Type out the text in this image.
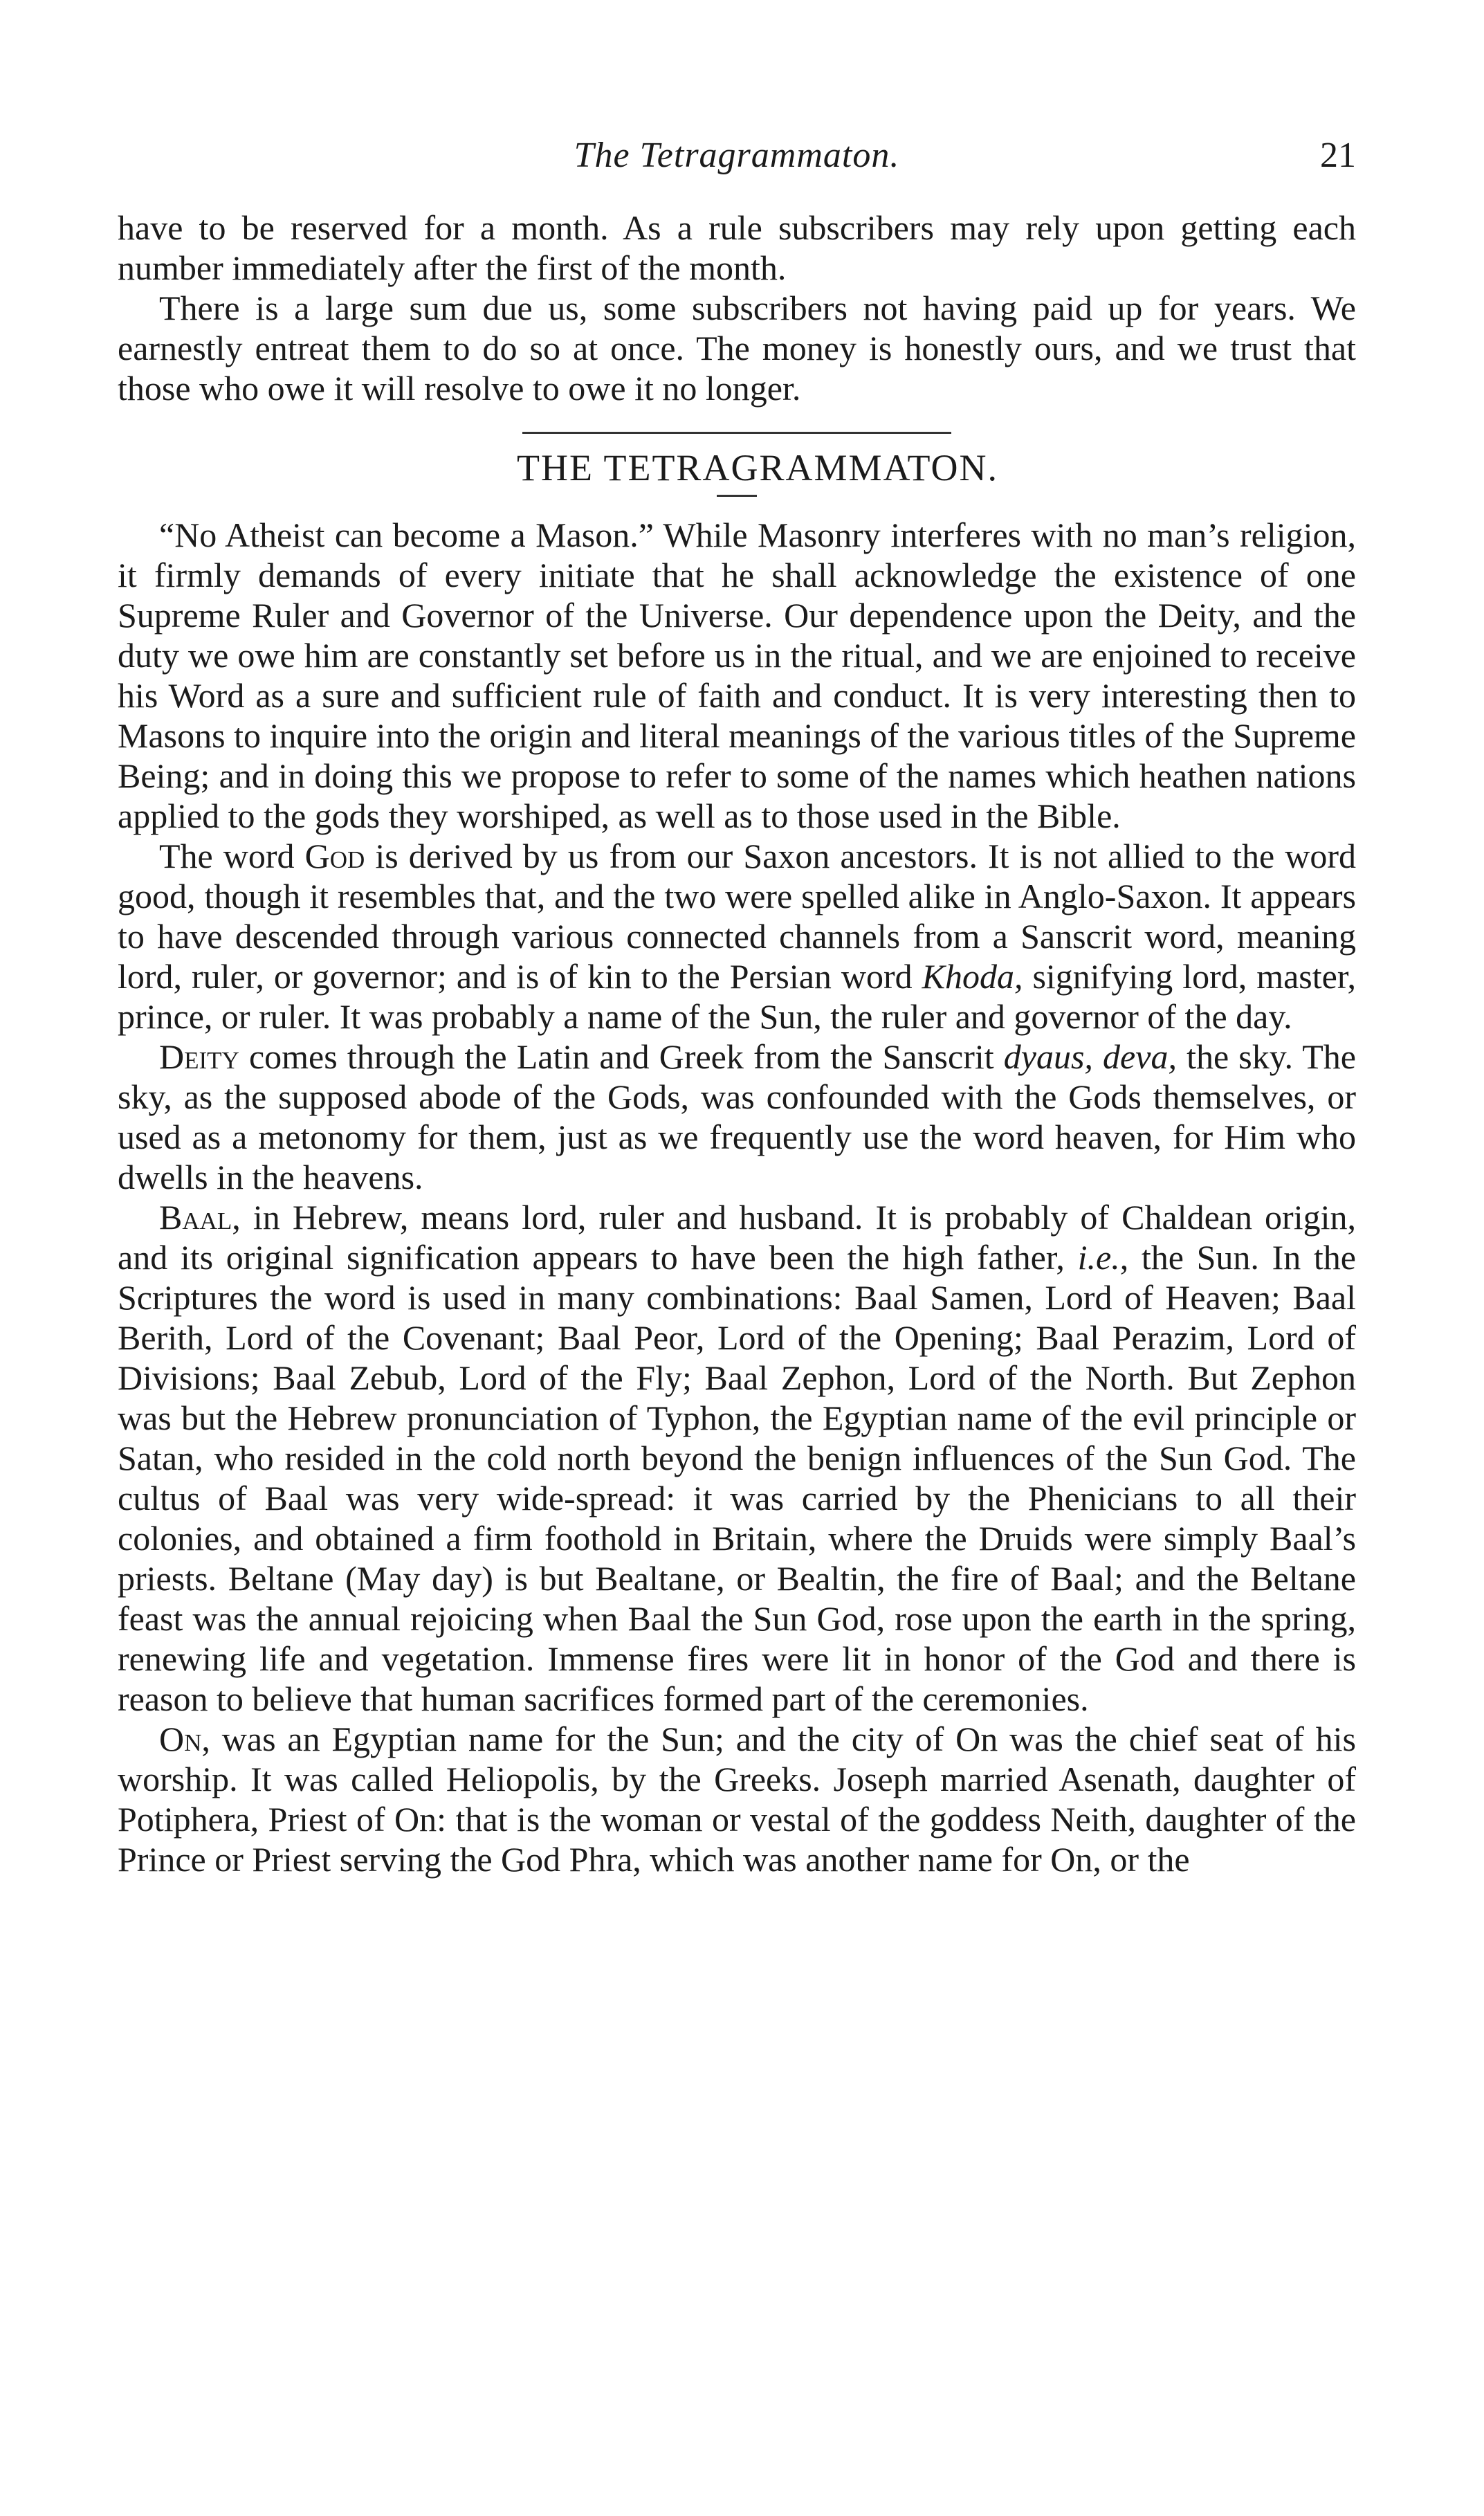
The Tetragrammaton.	21

have to be reserved for a month. As a rule subscribers may rely upon getting each number immediately after the first of the month.

There is a large sum due us, some subscribers not having paid up for years. We earnestly entreat them to do so at once. The money is honestly ours, and we trust that those who owe it will resolve to owe it no longer.

THE TETRAGRAMMATON.

“No Atheist can become a Mason.” While Masonry interferes with no man’s religion, it firmly demands of every initiate that he shall acknowledge the existence of one Supreme Ruler and Governor of the Universe. Our dependence upon the Deity, and the duty we owe him are constantly set before us in the ritual, and we are enjoined to receive his Word as a sure and sufficient rule of faith and conduct. It is very interesting then to Masons to inquire into the origin and literal meanings of the various titles of the Supreme Being; and in doing this we propose to refer to some of the names which heathen nations applied to the gods they worshiped, as well as to those used in the Bible.

The word God is derived by us from our Saxon ancestors. It is not allied to the word good, though it resembles that, and the two were spelled alike in Anglo-Saxon. It appears to have descended through various connected channels from a Sanscrit word, meaning lord, ruler, or governor; and is of kin to the Persian word Khoda, signifying lord, master, prince, or ruler. It was probably a name of the Sun, the ruler and governor of the day.

Deity comes through the Latin and Greek from the Sanscrit dyaus, deva, the sky. The sky, as the supposed abode of the Gods, was confounded with the Gods themselves, or used as a metonomy for them, just as we frequently use the word heaven, for Him who dwells in the heavens.

Baal, in Hebrew, means lord, ruler and husband. It is probably of Chaldean origin, and its original signification appears to have been the high father, i.e., the Sun. In the Scriptures the word is used in many combinations: Baal Samen, Lord of Heaven; Baal Berith, Lord of the Covenant; Baal Peor, Lord of the Opening; Baal Perazim, Lord of Divisions; Baal Zebub, Lord of the Fly; Baal Zephon, Lord of the North. But Zephon was but the Hebrew pronunciation of Typhon, the Egyptian name of the evil principle or Satan, who resided in the cold north beyond the benign influences of the Sun God. The cultus of Baal was very wide-spread: it was carried by the Phenicians to all their colonies, and obtained a firm foothold in Britain, where the Druids were simply Baal’s priests. Beltane (May day) is but Bealtane, or Bealtin, the fire of Baal; and the Beltane feast was the annual rejoicing when Baal the Sun God, rose upon the earth in the spring, renewing life and vegetation. Immense fires were lit in honor of the God and there is reason to believe that human sacrifices formed part of the ceremonies.

On, was an Egyptian name for the Sun; and the city of On was the chief seat of his worship. It was called Heliopolis, by the Greeks. Joseph married Asenath, daughter of Potiphera, Priest of On: that is the woman or vestal of the goddess Neith, daughter of the Prince or Priest serving the God Phra, which was another name for On, or the
